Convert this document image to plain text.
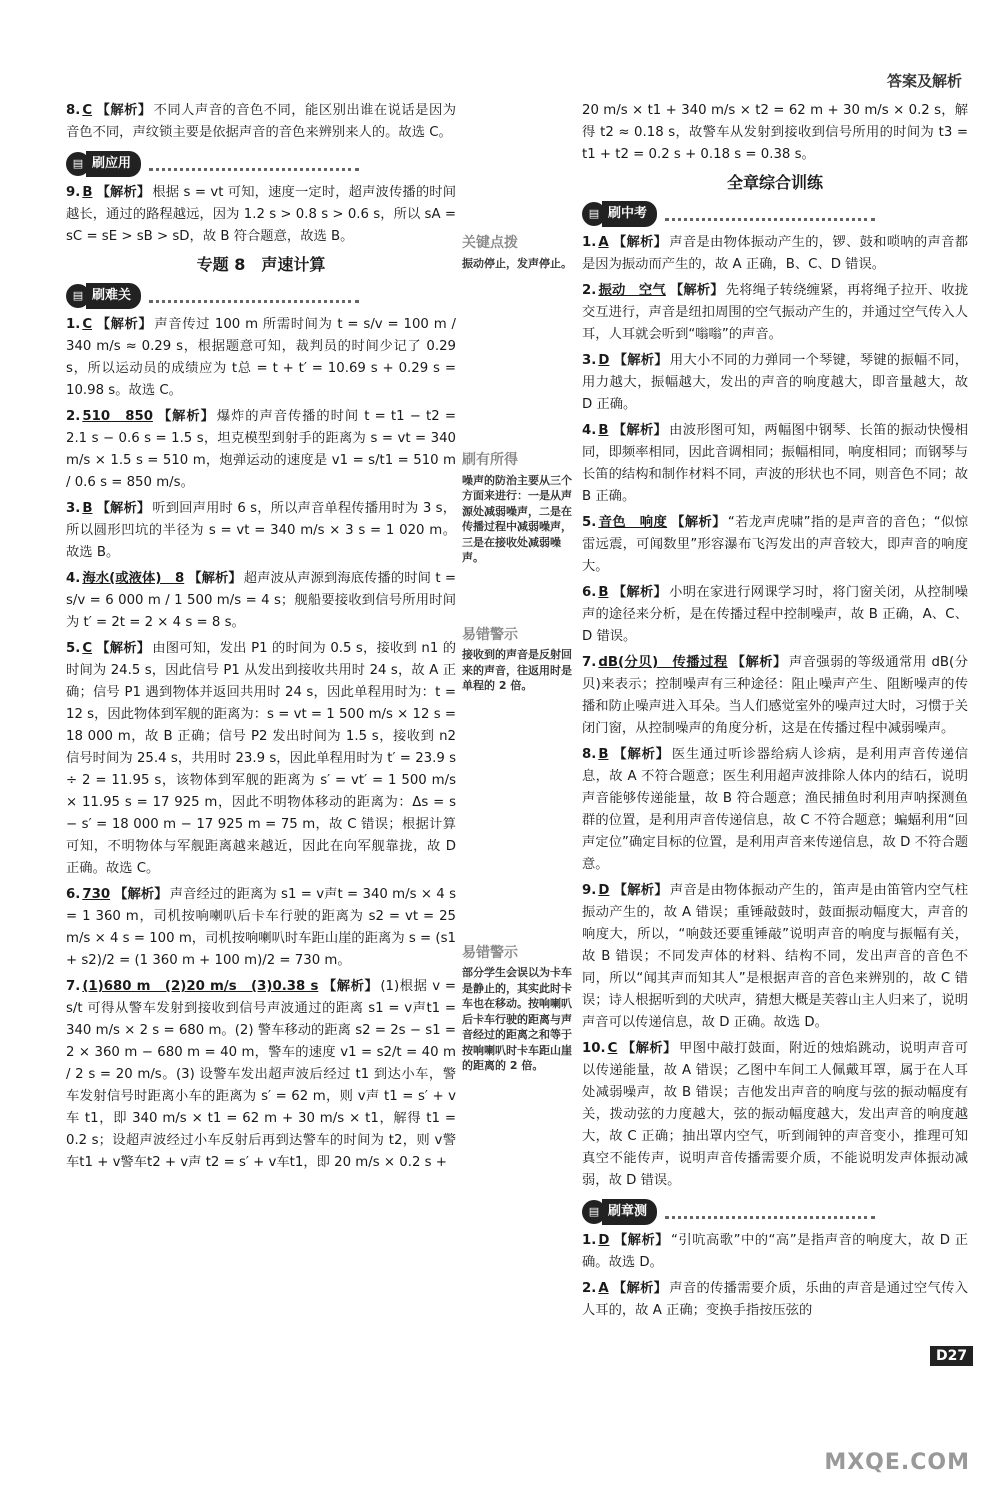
答案及解析

8. C 【解析】 不同人声音的音色不同，能区别出谁在说话是因为音色不同，声纹锁主要是依据声音的音色来辨别来人的。故选 C。

▤ 刷应用

9. B 【解析】 根据 s = vt 可知，速度一定时，超声波传播的时间越长，通过的路程越远，因为 1.2 s > 0.8 s > 0.6 s，所以 sA = sC = sE > sB > sD，故 B 符合题意，故选 B。

专题 8　声速计算
▤ 刷难关

1. C 【解析】 声音传过 100 m 所需时间为 t = s/v = 100 m / 340 m/s ≈ 0.29 s，根据题意可知，裁判员的时间少记了 0.29 s，所以运动员的成绩应为 t总 = t + t′ = 10.69 s + 0.29 s = 10.98 s。故选 C。

2. 510　850 【解析】 爆炸的声音传播的时间 t = t1 − t2 = 2.1 s − 0.6 s = 1.5 s，坦克模型到射手的距离为 s = vt = 340 m/s × 1.5 s = 510 m，炮弹运动的速度是 v1 = s/t1 = 510 m / 0.6 s = 850 m/s。

3. B 【解析】 听到回声用时 6 s，所以声音单程传播用时为 3 s，所以圆形凹坑的半径为 s = vt = 340 m/s × 3 s = 1 020 m。故选 B。

4. 海水(或液体)　8 【解析】 超声波从声源到海底传播的时间 t = s/v = 6 000 m / 1 500 m/s = 4 s；舰船要接收到信号所用时间为 t′ = 2t = 2 × 4 s = 8 s。

5. C 【解析】 由图可知，发出 P1 的时间为 0.5 s，接收到 n1 的时间为 24.5 s，因此信号 P1 从发出到接收共用时 24 s，故 A 正确；信号 P1 遇到物体并返回共用时 24 s，因此单程用时为：t = 12 s，因此物体到军舰的距离为：s = vt = 1 500 m/s × 12 s = 18 000 m，故 B 正确；信号 P2 发出时间为 1.5 s，接收到 n2 信号时间为 25.4 s，共用时 23.9 s，因此单程用时为 t′ = 23.9 s ÷ 2 = 11.95 s，该物体到军舰的距离为 s′ = vt′ = 1 500 m/s × 11.95 s = 17 925 m，因此不明物体移动的距离为：Δs = s − s′ = 18 000 m − 17 925 m = 75 m，故 C 错误；根据计算可知，不明物体与军舰距离越来越近，因此在向军舰靠拢，故 D 正确。故选 C。

6. 730 【解析】 声音经过的距离为 s1 = v声t = 340 m/s × 4 s = 1 360 m，司机按响喇叭后卡车行驶的距离为 s2 = vt = 25 m/s × 4 s = 100 m，司机按响喇叭时车距山崖的距离为 s = (s1 + s2)/2 = (1 360 m + 100 m)/2 = 730 m。

7. (1)680 m　(2)20 m/s　(3)0.38 s 【解析】 (1)根据 v = s/t 可得从警车发射到接收到信号声波通过的距离 s1 = v声t1 = 340 m/s × 2 s = 680 m。(2) 警车移动的距离 s2 = 2s − s1 = 2 × 360 m − 680 m = 40 m，警车的速度 v1 = s2/t = 40 m / 2 s = 20 m/s。(3) 设警车发出超声波后经过 t1 到达小车，警车发射信号时距离小车的距离为 s′ = 62 m，则 v声 t1 = s′ + v车 t1，即 340 m/s × t1 = 62 m + 30 m/s × t1，解得 t1 = 0.2 s；设超声波经过小车反射后再到达警车的时间为 t2，则 v警车t1 + v警车t2 + v声 t2 = s′ + v车t1，即 20 m/s × 0.2 s +

关键点拨
振动停止，发声停止。
刷有所得
噪声的防治主要从三个方面来进行：一是从声源处减弱噪声，二是在传播过程中减弱噪声，三是在接收处减弱噪声。
易错警示
接收到的声音是反射回来的声音，往返用时是单程的 2 倍。
易错警示
部分学生会误以为卡车是静止的，其实此时卡车也在移动。按响喇叭后卡车行驶的距离与声音经过的距离之和等于按响喇叭时卡车距山崖的距离的 2 倍。

20 m/s × t1 + 340 m/s × t2 = 62 m + 30 m/s × 0.2 s，解得 t2 ≈ 0.18 s，故警车从发射到接收到信号所用的时间为 t3 = t1 + t2 = 0.2 s + 0.18 s = 0.38 s。

全章综合训练
▤ 刷中考

1. A 【解析】 声音是由物体振动产生的，锣、鼓和唢呐的声音都是因为振动而产生的，故 A 正确，B、C、D 错误。

2. 振动　空气 【解析】 先将绳子转绕缠紧，再将绳子拉开、收拢交互进行，声音是纽扣周围的空气振动产生的，并通过空气传入人耳，人耳就会听到“嗡嗡”的声音。

3. D 【解析】 用大小不同的力弹同一个琴键，琴键的振幅不同，用力越大，振幅越大，发出的声音的响度越大，即音量越大，故 D 正确。

4. B 【解析】 由波形图可知，两幅图中钢琴、长笛的振动快慢相同，即频率相同，因此音调相同；振幅相同，响度相同；而钢琴与长笛的结构和制作材料不同，声波的形状也不同，则音色不同；故 B 正确。

5. 音色　响度 【解析】 “若龙声虎啸”指的是声音的音色；“似惊雷远震，可闻数里”形容瀑布飞泻发出的声音较大，即声音的响度大。

6. B 【解析】 小明在家进行网课学习时，将门窗关闭，从控制噪声的途径来分析，是在传播过程中控制噪声，故 B 正确，A、C、D 错误。

7. dB(分贝)　传播过程 【解析】 声音强弱的等级通常用 dB(分贝)来表示；控制噪声有三种途径：阻止噪声产生、阻断噪声的传播和防止噪声进入耳朵。当人们感觉室外的噪声过大时，习惯于关闭门窗，从控制噪声的角度分析，这是在传播过程中减弱噪声。

8. B 【解析】 医生通过听诊器给病人诊病，是利用声音传递信息，故 A 不符合题意；医生利用超声波排除人体内的结石，说明声音能够传递能量，故 B 符合题意；渔民捕鱼时利用声呐探测鱼群的位置，是利用声音传递信息，故 C 不符合题意；蝙蝠利用“回声定位”确定目标的位置，是利用声音来传递信息，故 D 不符合题意。

9. D 【解析】 声音是由物体振动产生的，笛声是由笛管内空气柱振动产生的，故 A 错误；重锤敲鼓时，鼓面振动幅度大，声音的响度大，所以，“响鼓还要重锤敲”说明声音的响度与振幅有关，故 B 错误；不同发声体的材料、结构不同，发出声音的音色不同，所以“闻其声而知其人”是根据声音的音色来辨别的，故 C 错误；诗人根据听到的犬吠声，猜想大概是芙蓉山主人归来了，说明声音可以传递信息，故 D 正确。故选 D。

10. C 【解析】 甲图中敲打鼓面，附近的烛焰跳动，说明声音可以传递能量，故 A 错误；乙图中车间工人佩戴耳罩，属于在人耳处减弱噪声，故 B 错误；吉他发出声音的响度与弦的振动幅度有关，拨动弦的力度越大，弦的振动幅度越大，发出声音的响度越大，故 C 正确；抽出罩内空气，听到闹钟的声音变小，推理可知真空不能传声，说明声音传播需要介质，不能说明发声体振动减弱，故 D 错误。

▤ 刷章测

1. D 【解析】 “引吭高歌”中的“高”是指声音的响度大，故 D 正确。故选 D。

2. A 【解析】 声音的传播需要介质，乐曲的声音是通过空气传入人耳的，故 A 正确；变换手指按压弦的

D27
MXQE.COM
